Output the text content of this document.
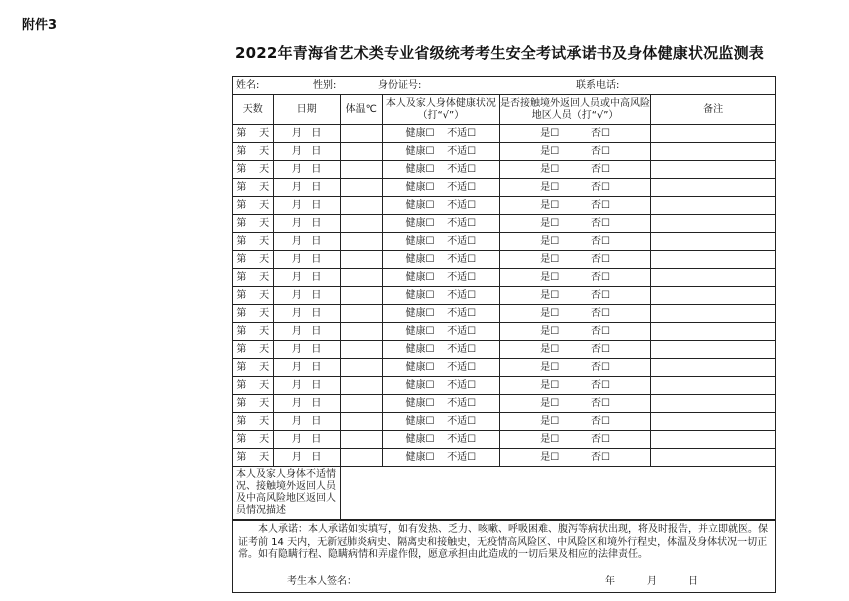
附件3
2022年青海省艺术类专业省级统考考生安全考试承诺书及身体健康状况监测表
姓名:	性别:	身份证号:	联系电话:
天数	日期	体温℃	本人及家人身体健康状况（打“√”）	是否接触境外返回人员或中高风险地区人员（打“√”）	备注
第 天	月 日		健康☐ 不适☐	是☐ 否☐	
第 天	月 日		健康☐ 不适☐	是☐ 否☐	
第 天	月 日		健康☐ 不适☐	是☐ 否☐	
第 天	月 日		健康☐ 不适☐	是☐ 否☐	
第 天	月 日		健康☐ 不适☐	是☐ 否☐	
第 天	月 日		健康☐ 不适☐	是☐ 否☐	
第 天	月 日		健康☐ 不适☐	是☐ 否☐	
第 天	月 日		健康☐ 不适☐	是☐ 否☐	
第 天	月 日		健康☐ 不适☐	是☐ 否☐	
第 天	月 日		健康☐ 不适☐	是☐ 否☐	
第 天	月 日		健康☐ 不适☐	是☐ 否☐	
第 天	月 日		健康☐ 不适☐	是☐ 否☐	
第 天	月 日		健康☐ 不适☐	是☐ 否☐	
第 天	月 日		健康☐ 不适☐	是☐ 否☐	
第 天	月 日		健康☐ 不适☐	是☐ 否☐	
第 天	月 日		健康☐ 不适☐	是☐ 否☐	
第 天	月 日		健康☐ 不适☐	是☐ 否☐	
第 天	月 日		健康☐ 不适☐	是☐ 否☐	
第 天	月 日		健康☐ 不适☐	是☐ 否☐	
本人及家人身体不适情况、接触境外返回人员及中高风险地区返回人员情况描述					
本人承诺：本人承诺如实填写，如有发热、乏力、咳嗽、呼吸困难、腹泻等病状出现，将及时报告，并立即就医。保证考前 14 天内，无新冠肺炎病史、隔离史和接触史，无疫情高风险区、中风险区和境外行程史，体温及身体状况一切正常。如有隐瞒行程、隐瞒病情和弄虚作假，愿意承担由此造成的一切后果及相应的法律责任。
考生本人签名：	年	月	日
